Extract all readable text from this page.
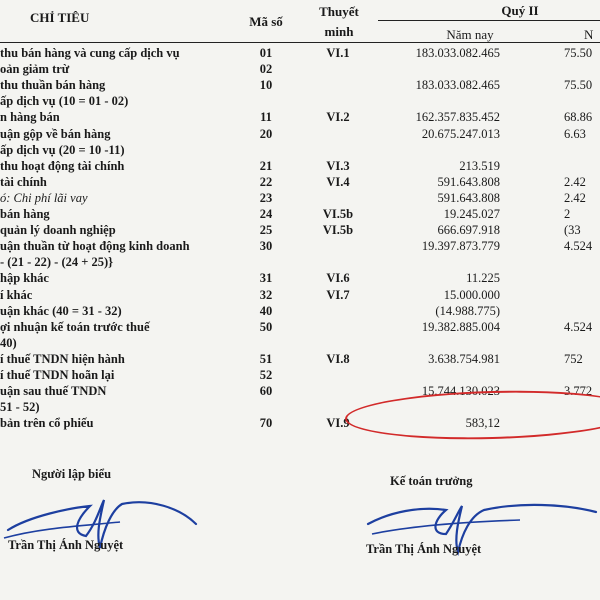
CHỈ TIÊU	Mã số
Thuyết
minh
Quý II
Năm nay	N
thu bán hàng và cung cấp dịch vụ	01	VI.1	183.033.082.465	75.50
oản giảm trừ	02
thu thuần bán hàng	10	183.033.082.465	75.50
ấp dịch vụ (10 = 01 - 02)
n hàng bán	11	VI.2	162.357.835.452	68.86
uận gộp về bán hàng	20	20.675.247.013	6.63
ấp dịch vụ (20 = 10 -11)
thu hoạt động tài chính	21	VI.3	213.519
tài chính	22	VI.4	591.643.808	2.42
ó: Chi phí lãi vay	23	591.643.808	2.42
bán hàng	24	VI.5b	19.245.027	2
quản lý doanh nghiệp	25	VI.5b	666.697.918	(33
uận thuần từ hoạt động kinh doanh	30	19.397.873.779	4.524
- (21 - 22) - (24 + 25)}
hập khác	31	VI.6	11.225
í khác	32	VI.7	15.000.000
uận khác (40 = 31 - 32)	40	(14.988.775)
ợi nhuận kế toán trước thuế	50	19.382.885.004	4.524
40)
í thuế TNDN hiện hành	51	VI.8	3.638.754.981	752
í thuế TNDN hoãn lại	52
uận sau thuế TNDN	60	15.744.130.023	3.772
51 - 52)
bản trên cổ phiếu	70	VI.9	583,12
Người lập biểu
Trần Thị Ánh Nguyệt
Kế toán trưởng
Trần Thị Ánh Nguyệt
